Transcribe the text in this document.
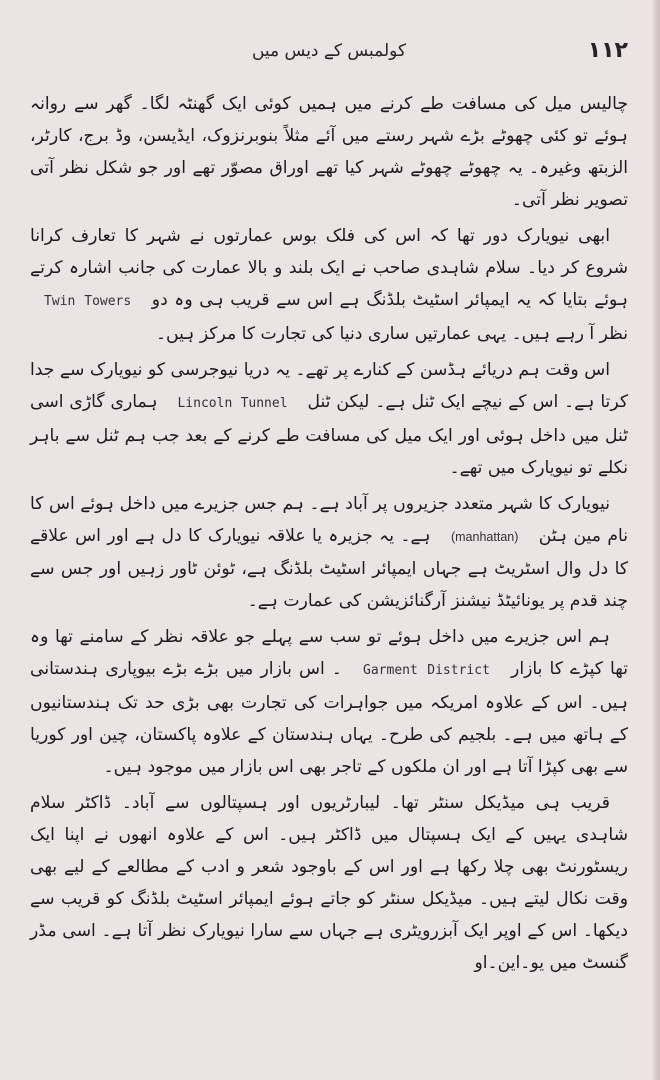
کولمبس کے دیس میں	۱۱۲

چالیس میل کی مسافت طے کرنے میں ہمیں کوئی ایک گھنٹہ لگا۔ گھر سے روانہ ہوئے تو کئی چھوٹے بڑے شہر رستے میں آئے مثلاً بنوبرنزوک، ایڈیسن، وڈ برج، کارٹر، الزبتھ وغیرہ۔ یہ چھوٹے چھوٹے شہر کیا تھے اوراق مصوّر تھے اور جو شکل نظر آتی تصویر نظر آتی۔

ابھی نیویارک دور تھا کہ اس کی فلک بوس عمارتوں نے شہر کا تعارف کرانا شروع کر دیا۔ سلام شاہدی صاحب نے ایک بلند و بالا عمارت کی جانب اشارہ کرتے ہوئے بتایا کہ یہ ایمپائر اسٹیٹ بلڈنگ ہے اس سے قریب ہی وہ دو Twin Towers نظر آ رہے ہیں۔ یہی عمارتیں ساری دنیا کی تجارت کا مرکز ہیں۔

اس وقت ہم دریائے ہڈسن کے کنارے پر تھے۔ یہ دریا نیوجرسی کو نیویارک سے جدا کرتا ہے۔ اس کے نیچے ایک ٹنل ہے۔ لیکن ٹنل Lincoln Tunnel ہماری گاڑی اسی ٹنل میں داخل ہوئی اور ایک میل کی مسافت طے کرنے کے بعد جب ہم ٹنل سے باہر نکلے تو نیویارک میں تھے۔

نیویارک کا شہر متعدد جزیروں پر آباد ہے۔ ہم جس جزیرے میں داخل ہوئے اس کا نام مین ہٹن (manhattan) ہے۔ یہ جزیرہ یا علاقہ نیویارک کا دل ہے اور اس علاقے کا دل وال اسٹریٹ ہے جہاں ایمپائر اسٹیٹ بلڈنگ ہے، ٹوئن ٹاور زہیں اور جس سے چند قدم پر یونائیٹڈ نیشنز آرگنائزیشن کی عمارت ہے۔

ہم اس جزیرے میں داخل ہوئے تو سب سے پہلے جو علاقہ نظر کے سامنے تھا وہ تھا کپڑے کا بازار Garment District ۔ اس بازار میں بڑے بڑے بیوپاری ہندستانی ہیں۔ اس کے علاوہ امریکہ میں جواہرات کی تجارت بھی بڑی حد تک ہندستانیوں کے ہاتھ میں ہے۔ بلجیم کی طرح۔ یہاں ہندستان کے علاوہ پاکستان، چین اور کوریا سے بھی کپڑا آتا ہے اور ان ملکوں کے تاجر بھی اس بازار میں موجود ہیں۔

قریب ہی میڈیکل سنٹر تھا۔ لیبارٹریوں اور ہسپتالوں سے آباد۔ ڈاکٹر سلام شاہدی یہیں کے ایک ہسپتال میں ڈاکٹر ہیں۔ اس کے علاوہ انھوں نے اپنا ایک ریسٹورنٹ بھی چلا رکھا ہے اور اس کے باوجود شعر و ادب کے مطالعے کے لیے بھی وقت نکال لیتے ہیں۔ میڈیکل سنٹر کو جاتے ہوئے ایمپائر اسٹیٹ بلڈنگ کو قریب سے دیکھا۔ اس کے اوپر ایک آبزرویٹری ہے جہاں سے سارا نیویارک نظر آتا ہے۔ اسی مڈر گنسٹ میں یو۔این۔او
